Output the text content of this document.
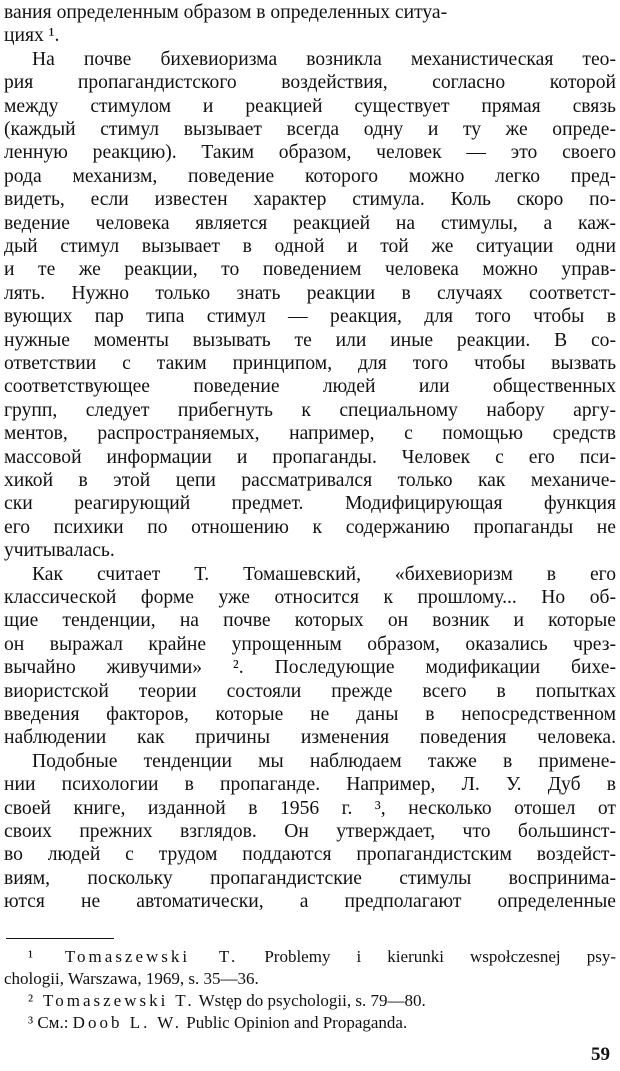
вания определенным образом в определенных ситуа-
циях ¹.
На почве бихевиоризма возникла механистическая тео-
рия пропагандистского воздействия, согласно которой
между стимулом и реакцией существует прямая связь
(каждый стимул вызывает всегда одну и ту же опреде-
ленную реакцию). Таким образом, человек — это своего
рода механизм, поведение которого можно легко пред-
видеть, если известен характер стимула. Коль скоро по-
ведение человека является реакцией на стимулы, а каж-
дый стимул вызывает в одной и той же ситуации одни
и те же реакции, то поведением человека можно управ-
лять. Нужно только знать реакции в случаях соответст-
вующих пар типа стимул — реакция, для того чтобы в
нужные моменты вызывать те или иные реакции. В со-
ответствии с таким принципом, для того чтобы вызвать
соответствующее поведение людей или общественных
групп, следует прибегнуть к специальному набору аргу-
ментов, распространяемых, например, с помощью средств
массовой информации и пропаганды. Человек с его пси-
хикой в этой цепи рассматривался только как механиче-
ски реагирующий предмет. Модифицирующая функция
его психики по отношению к содержанию пропаганды не
учитывалась.
Как считает Т. Томашевский, «бихевиоризм в его
классической форме уже относится к прошлому... Но об-
щие тенденции, на почве которых он возник и которые
он выражал крайне упрощенным образом, оказались чрез-
вычайно живучими» ². Последующие модификации бихе-
виористской теории состояли прежде всего в попытках
введения факторов, которые не даны в непосредственном
наблюдении как причины изменения поведения человека.
Подобные тенденции мы наблюдаем также в примене-
нии психологии в пропаганде. Например, Л. У. Дуб в
своей книге, изданной в 1956 г. ³, несколько отошел от
своих прежних взглядов. Он утверждает, что большинст-
во людей с трудом поддаются пропагандистским воздейст-
виям, поскольку пропагандистские стимулы воспринима-
ются не автоматически, а предполагают определенные
¹ Tomaszewski T. Problemy i kierunki wspołczesnej psy-
59
chologii, Warszawa, 1969, s. 35—36.
² Tomaszewski T. Wstęp do psychologii, s. 79—80.
³ См.: Doob L. W. Public Opinion and Propaganda.
